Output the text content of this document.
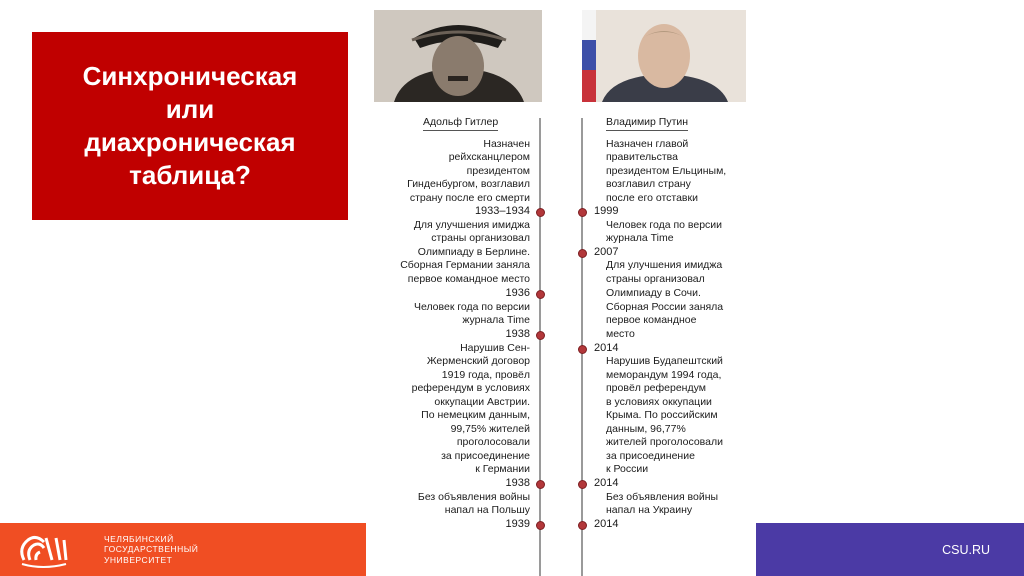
Синхроническая
или
диахроническая
таблица?
Адольф Гитлер	Владимир Путин
Назначен
рейхсканцлером
президентом
Гинденбургом, возглавил
страну после его смерти
1933–1934
Для улучшения имиджа
страны организовал
Олимпиаду в Берлине.
Сборная Германии заняла
первое командное место
1936
Человек года по версии
журнала Time
1938
Нарушив Сен-
Жерменский договор
1919 года, провёл
референдум в условиях
оккупации Австрии.
По немецким данным,
99,75% жителей
проголосовали
за присоединение
к Германии
1938
Без объявления войны
напал на Польшу
1939
Назначен главой
правительства
президентом Ельциным,
возглавил страну
после его отставки
1999
Человек года по версии
журнала Time
2007
Для улучшения имиджа
страны организовал
Олимпиаду в Сочи.
Сборная России заняла
первое командное
место
2014
Нарушив Будапештский
меморандум 1994 года,
провёл референдум
в условиях оккупации
Крыма. По российским
данным, 96,77%
жителей проголосовали
за присоединение
к России
2014
Без объявления войны
напал на Украину
2014
ЧЕЛЯБИНСКИЙ
ГОСУДАРСТВЕННЫЙ
УНИВЕРСИТЕТ
CSU.RU
